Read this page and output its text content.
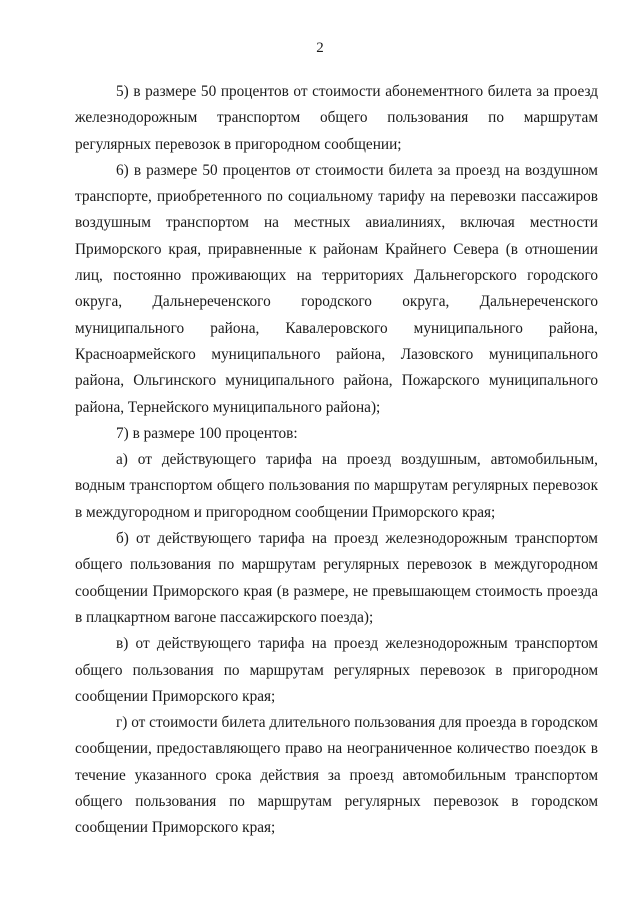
2

5) в размере 50 процентов от стоимости абонементного билета за проезд железнодорожным транспортом общего пользования по маршрутам регулярных перевозок в пригородном сообщении;

6) в размере 50 процентов от стоимости билета за проезд на воздушном транспорте, приобретенного по социальному тарифу на перевозки пассажиров воздушным транспортом на местных авиалиниях, включая местности Приморского края, приравненные к районам Крайнего Севера (в отношении лиц, постоянно проживающих на территориях Дальнегорского городского округа, Дальнереченского городского округа, Дальнереченского муниципального района, Кавалеровского муниципального района, Красноармейского муниципального района, Лазовского муниципального района, Ольгинского муниципального района, Пожарского муниципального района, Тернейского муниципального района);

7) в размере 100 процентов:

а) от действующего тарифа на проезд воздушным, автомобильным, водным транспортом общего пользования по маршрутам регулярных перевозок в междугородном и пригородном сообщении Приморского края;

б) от действующего тарифа на проезд железнодорожным транспортом общего пользования по маршрутам регулярных перевозок в междугородном сообщении Приморского края (в размере, не превышающем стоимость проезда в плацкартном вагоне пассажирского поезда);

в) от действующего тарифа на проезд железнодорожным транспортом общего пользования по маршрутам регулярных перевозок в пригородном сообщении Приморского края;

г) от стоимости билета длительного пользования для проезда в городском сообщении, предоставляющего право на неограниченное количество поездок в течение указанного срока действия за проезд автомобильным транспортом общего пользования по маршрутам регулярных перевозок в городском сообщении Приморского края;
